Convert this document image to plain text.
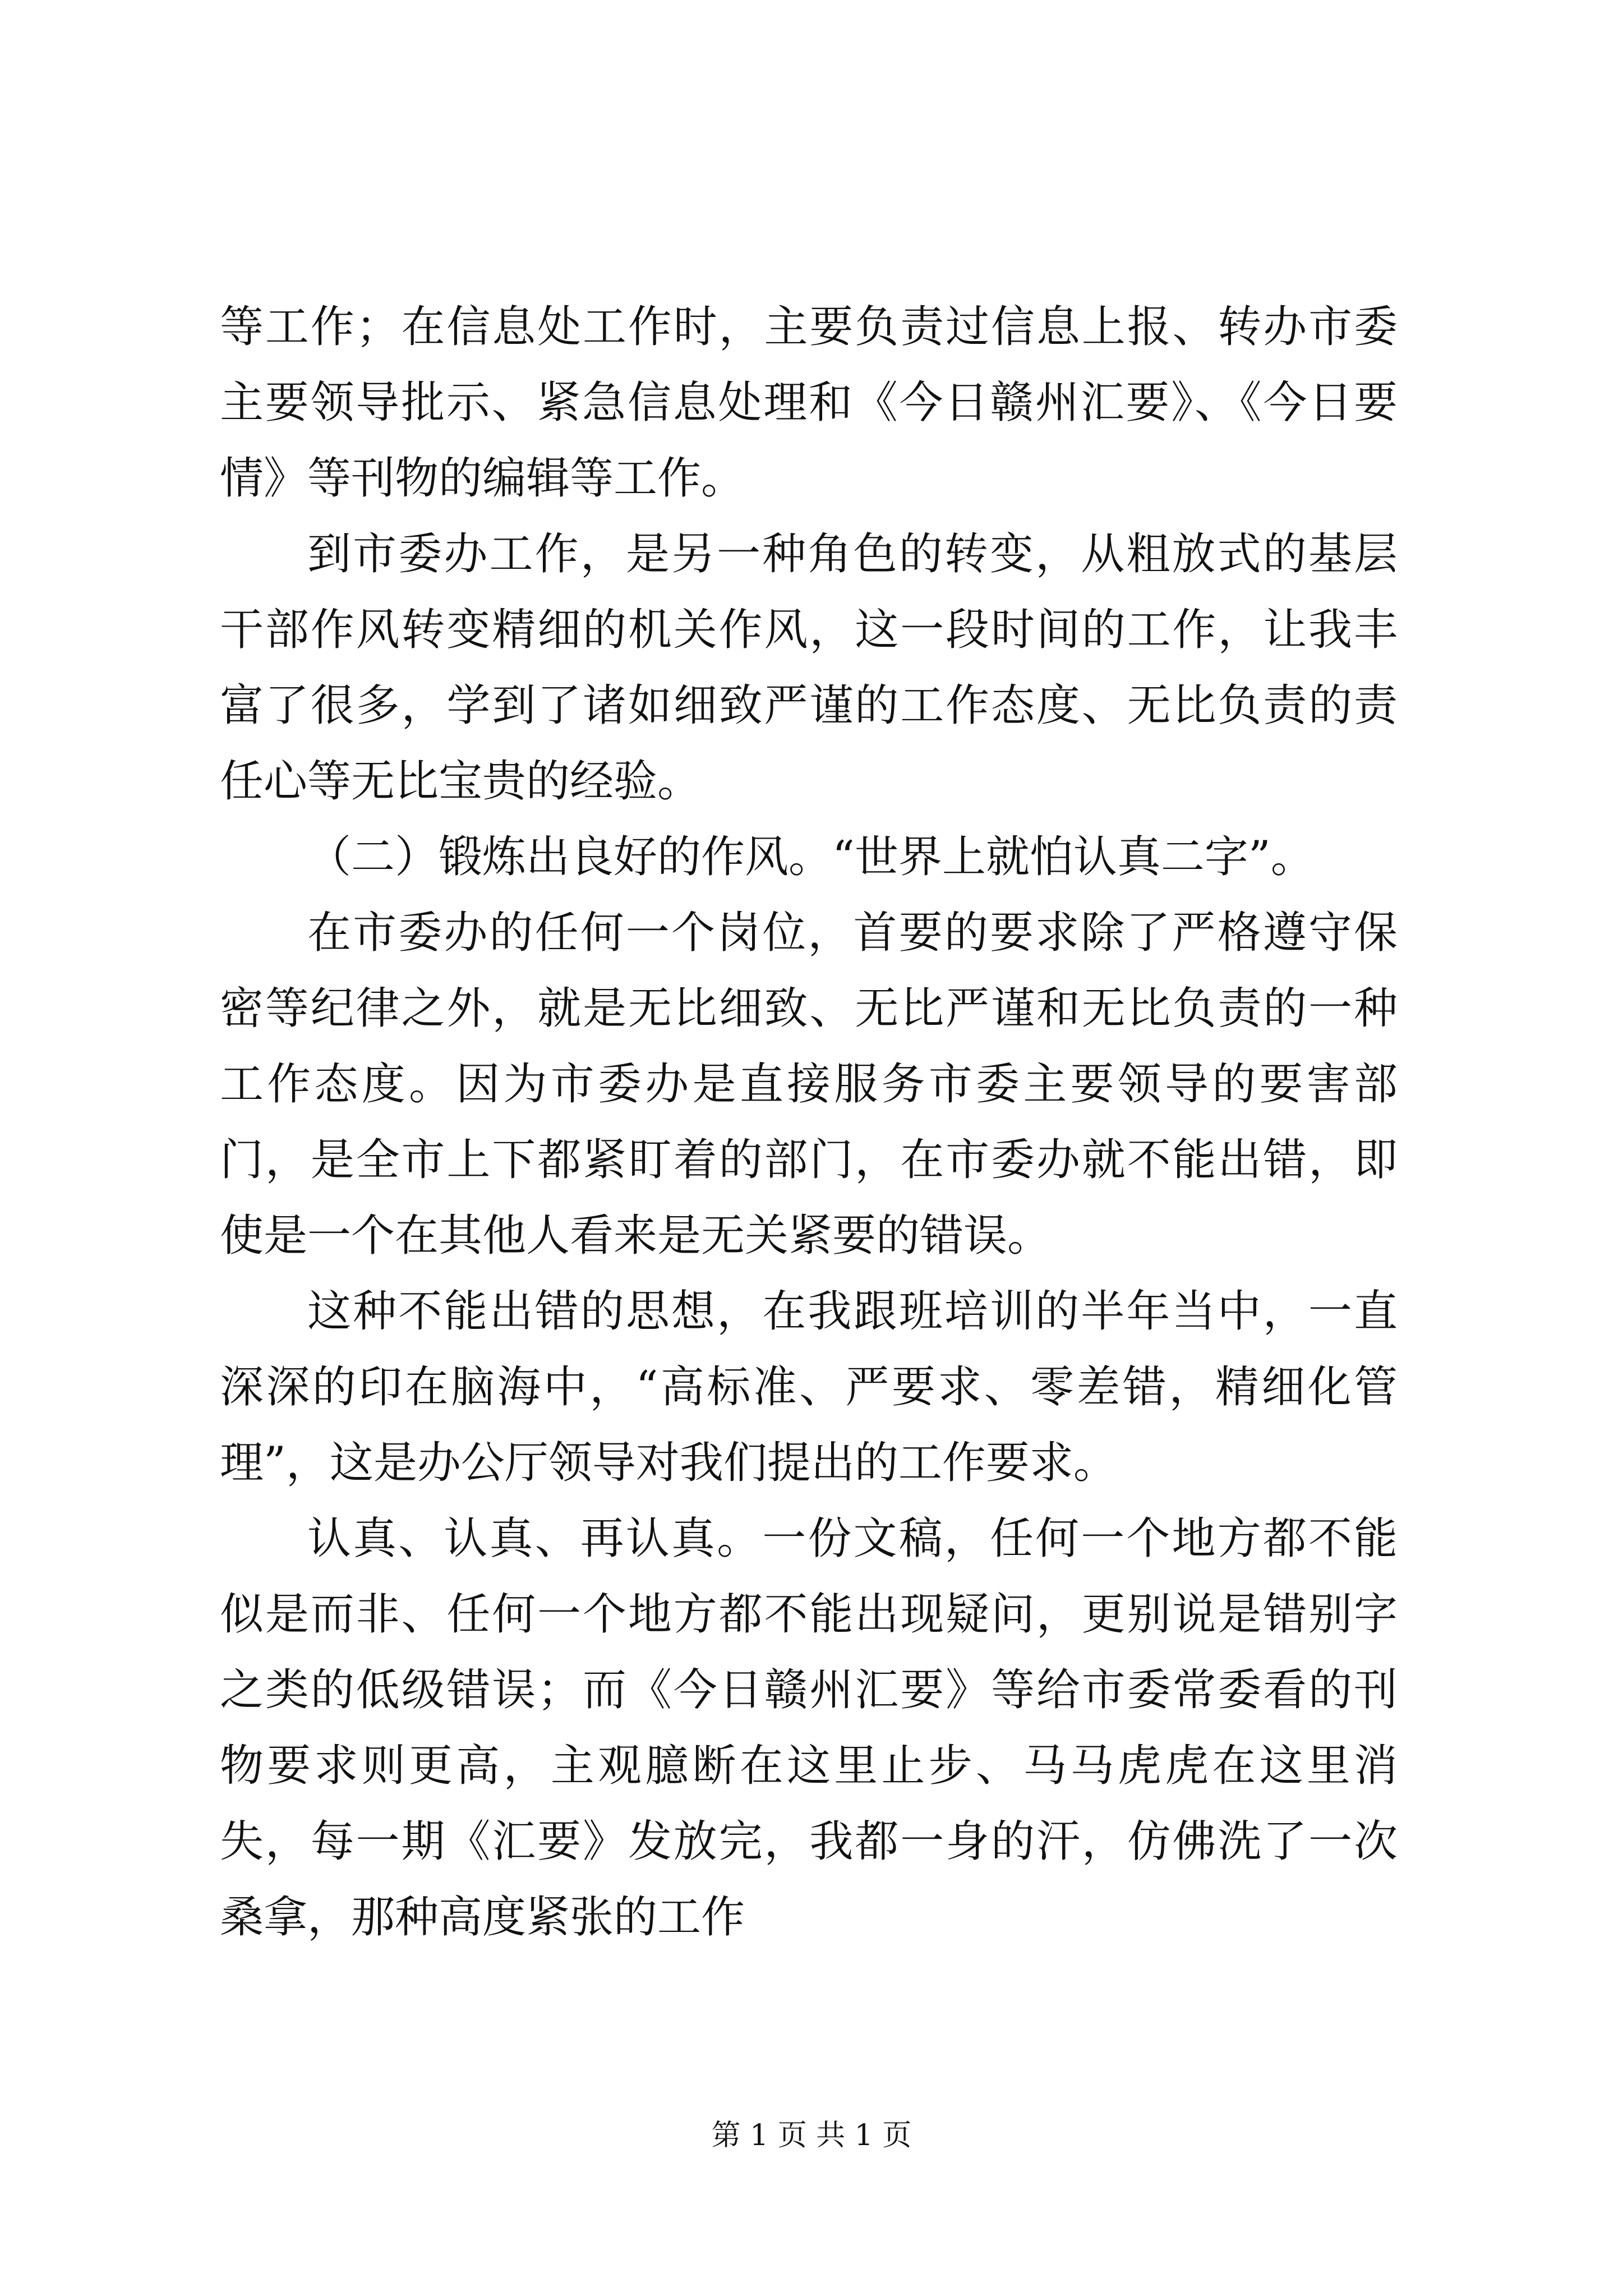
等工作；在信息处工作时，主要负责过信息上报、转办市委主要领导批示、紧急信息处理和《今日赣州汇要》、《今日要情》等刊物的编辑等工作。

到市委办工作，是另一种角色的转变，从粗放式的基层干部作风转变精细的机关作风，这一段时间的工作，让我丰富了很多，学到了诸如细致严谨的工作态度、无比负责的责任心等无比宝贵的经验。

（二）锻炼出良好的作风。“世界上就怕认真二字”。

在市委办的任何一个岗位，首要的要求除了严格遵守保密等纪律之外，就是无比细致、无比严谨和无比负责的一种工作态度。因为市委办是直接服务市委主要领导的要害部门，是全市上下都紧盯着的部门，在市委办就不能出错，即使是一个在其他人看来是无关紧要的错误。

这种不能出错的思想，在我跟班培训的半年当中，一直深深的印在脑海中，“高标准、严要求、零差错，精细化管理”，这是办公厅领导对我们提出的工作要求。

认真、认真、再认真。一份文稿，任何一个地方都不能似是而非、任何一个地方都不能出现疑问，更别说是错别字之类的低级错误；而《今日赣州汇要》等给市委常委看的刊物要求则更高，主观臆断在这里止步、马马虎虎在这里消失，每一期《汇要》发放完，我都一身的汗，仿佛洗了一次桑拿，那种高度紧张的工作

第 1 页 共 1 页
